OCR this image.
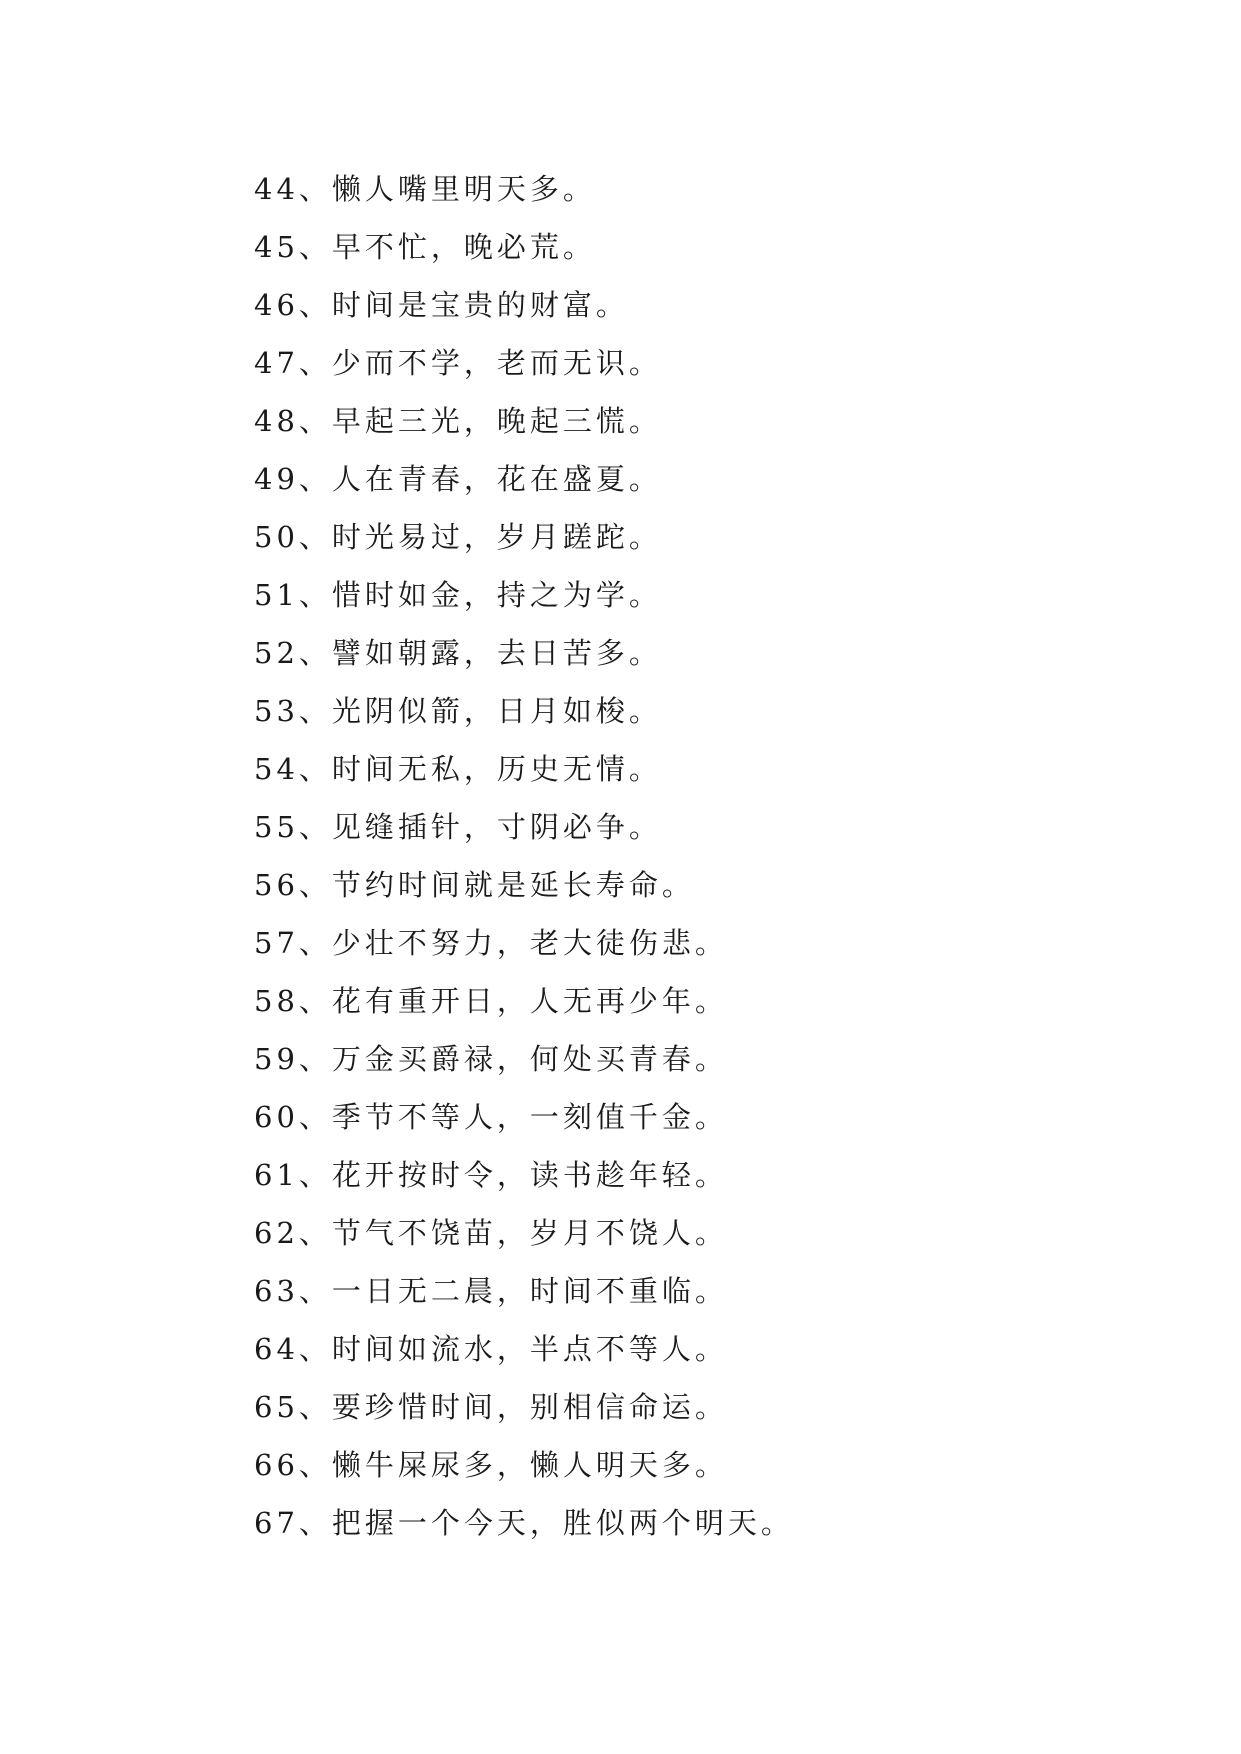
44、懒人嘴里明天多。
45、早不忙，晚必荒。
46、时间是宝贵的财富。
47、少而不学，老而无识。
48、早起三光，晚起三慌。
49、人在青春，花在盛夏。
50、时光易过，岁月蹉跎。
51、惜时如金，持之为学。
52、譬如朝露，去日苦多。
53、光阴似箭，日月如梭。
54、时间无私，历史无情。
55、见缝插针，寸阴必争。
56、节约时间就是延长寿命。
57、少壮不努力，老大徒伤悲。
58、花有重开日，人无再少年。
59、万金买爵禄，何处买青春。
60、季节不等人，一刻值千金。
61、花开按时令，读书趁年轻。
62、节气不饶苗，岁月不饶人。
63、一日无二晨，时间不重临。
64、时间如流水，半点不等人。
65、要珍惜时间，别相信命运。
66、懒牛屎尿多，懒人明天多。
67、把握一个今天，胜似两个明天。
